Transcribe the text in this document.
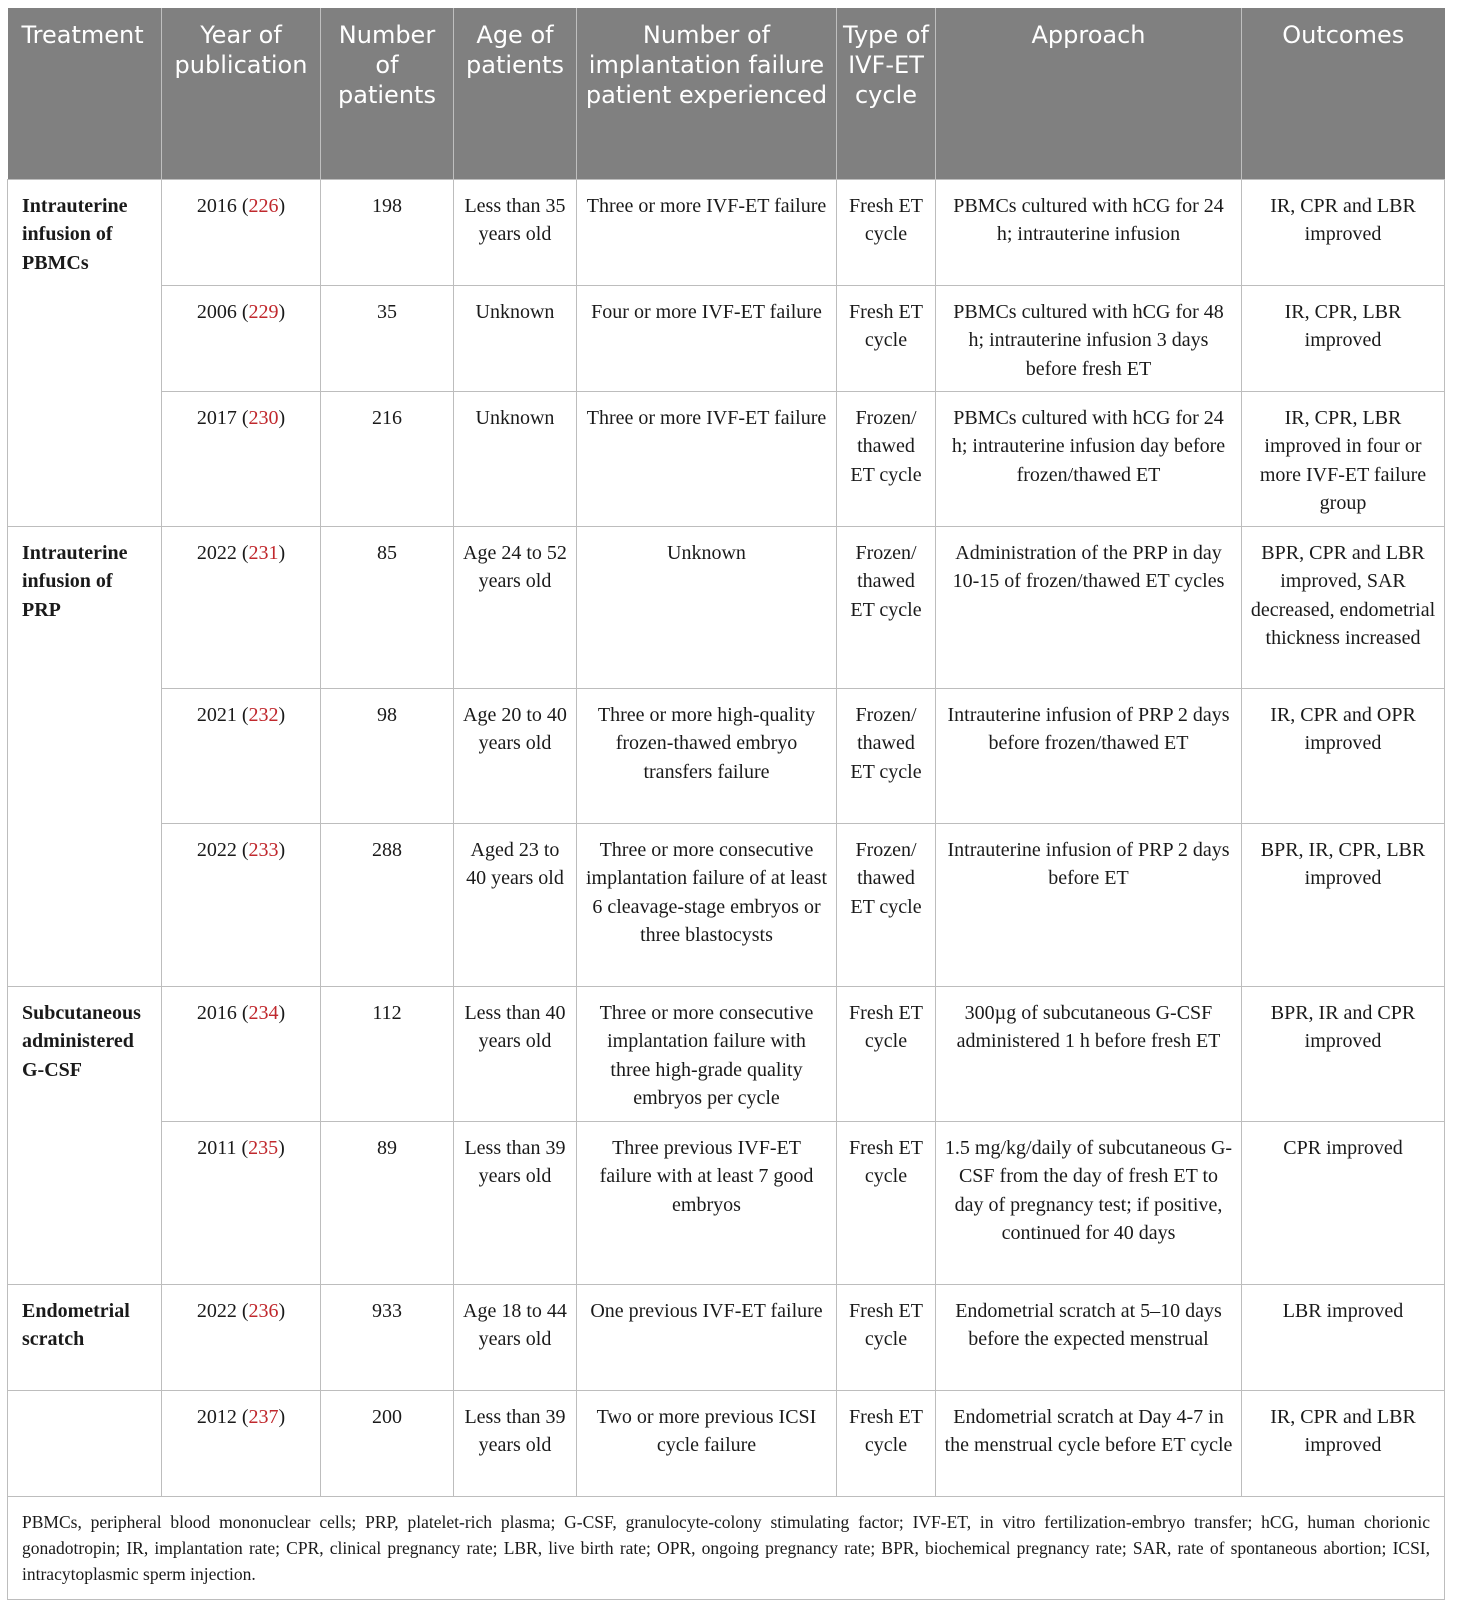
Treatment	Year of publication	Number of patients	Age of patients	Number of implantation failure patient experienced	Type of IVF-ET cycle	Approach	Outcomes
Intrauterine infusion of PBMCs	2016 (226)	198	Less than 35 years old	Three or more IVF-ET failure	Fresh ET cycle	PBMCs cultured with hCG for 24 h; intrauterine infusion	IR, CPR and LBR improved
	2006 (229)	35	Unknown	Four or more IVF-ET failure	Fresh ET cycle	PBMCs cultured with hCG for 48 h; intrauterine infusion 3 days before fresh ET	IR, CPR, LBR improved
	2017 (230)	216	Unknown	Three or more IVF-ET failure	Frozen/ thawed ET cycle	PBMCs cultured with hCG for 24 h; intrauterine infusion day before frozen/thawed ET	IR, CPR, LBR improved in four or more IVF-ET failure group
Intrauterine infusion of PRP	2022 (231)	85	Age 24 to 52 years old	Unknown	Frozen/ thawed ET cycle	Administration of the PRP in day 10-15 of frozen/thawed ET cycles	BPR, CPR and LBR improved, SAR decreased, endometrial thickness increased
	2021 (232)	98	Age 20 to 40 years old	Three or more high-quality frozen-thawed embryo transfers failure	Frozen/ thawed ET cycle	Intrauterine infusion of PRP 2 days before frozen/thawed ET	IR, CPR and OPR improved
	2022 (233)	288	Aged 23 to 40 years old	Three or more consecutive implantation failure of at least 6 cleavage-stage embryos or three blastocysts	Frozen/ thawed ET cycle	Intrauterine infusion of PRP 2 days before ET	BPR, IR, CPR, LBR improved
Subcutaneous administered G-CSF	2016 (234)	112	Less than 40 years old	Three or more consecutive implantation failure with three high-grade quality embryos per cycle	Fresh ET cycle	300µg of subcutaneous G-CSF administered 1 h before fresh ET	BPR, IR and CPR improved
	2011 (235)	89	Less than 39 years old	Three previous IVF-ET failure with at least 7 good embryos	Fresh ET cycle	1.5 mg/kg/daily of subcutaneous G-CSF from the day of fresh ET to day of pregnancy test; if positive, continued for 40 days	CPR improved
Endometrial scratch	2022 (236)	933	Age 18 to 44 years old	One previous IVF-ET failure	Fresh ET cycle	Endometrial scratch at 5–10 days before the expected menstrual	LBR improved
	2012 (237)	200	Less than 39 years old	Two or more previous ICSI cycle failure	Fresh ET cycle	Endometrial scratch at Day 4-7 in the menstrual cycle before ET cycle	IR, CPR and LBR improved
PBMCs, peripheral blood mononuclear cells; PRP, platelet-rich plasma; G-CSF, granulocyte-colony stimulating factor; IVF-ET, in vitro fertilization-embryo transfer; hCG, human chorionic gonadotropin; IR, implantation rate; CPR, clinical pregnancy rate; LBR, live birth rate; OPR, ongoing pregnancy rate; BPR, biochemical pregnancy rate; SAR, rate of spontaneous abortion; ICSI, intracytoplasmic sperm injection.							
